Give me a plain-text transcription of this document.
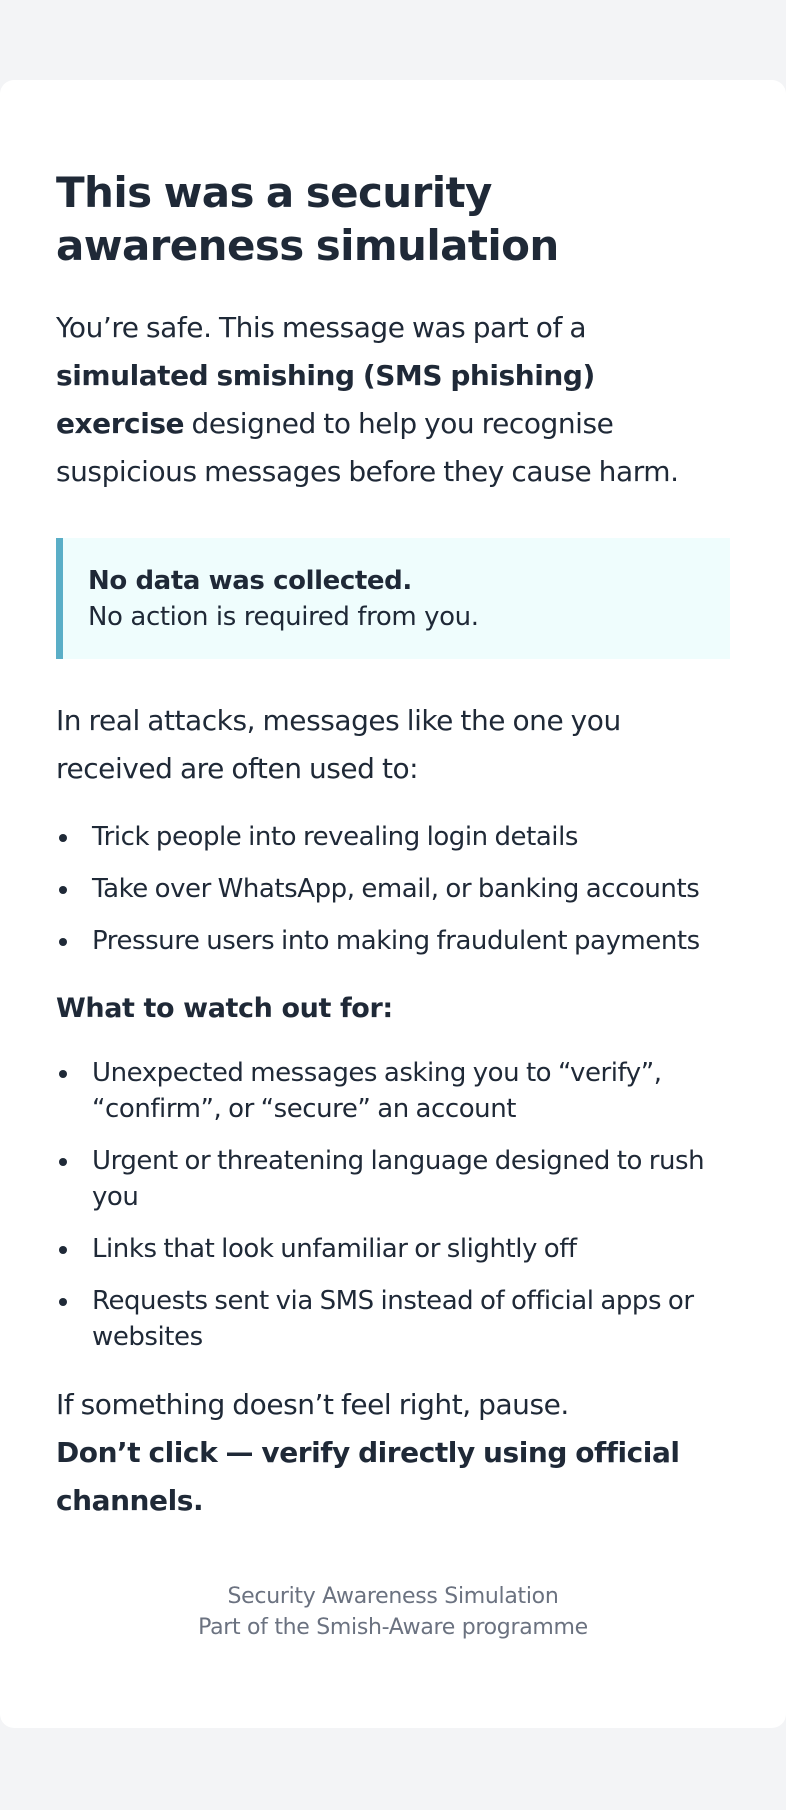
This was a security awareness simulation

You’re safe. This message was part of a simulated smishing (SMS phishing) exercise designed to help you recognise suspicious messages before they cause harm.

No data was collected.
No action is required from you.

In real attacks, messages like the one you received are often used to:

Trick people into revealing login details
Take over WhatsApp, email, or banking accounts
Pressure users into making fraudulent payments
What to watch out for:
Unexpected messages asking you to “verify”, “confirm”, or “secure” an account
Urgent or threatening language designed to rush you
Links that look unfamiliar or slightly off
Requests sent via SMS instead of official apps or websites

If something doesn’t feel right, pause.
Don’t click — verify directly using official channels.

Security Awareness Simulation
Part of the Smish-Aware programme
